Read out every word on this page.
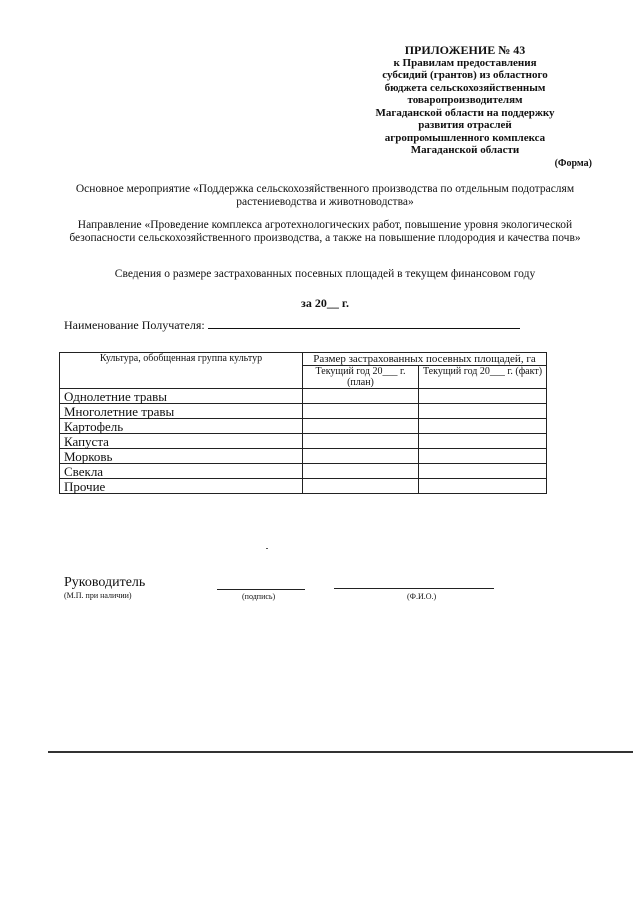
ПРИЛОЖЕНИЕ № 43
к Правилам предоставления
субсидий (грантов) из областного
бюджета сельскохозяйственным
товаропроизводителям
Магаданской области на поддержку
развития отраслей
агропромышленного комплекса
Магаданской области
(Форма)
Основное мероприятие «Поддержка сельскохозяйственного производства по отдельным подотраслям растениеводства и животноводства»
Направление «Проведение комплекса агротехнологических работ, повышение уровня экологической безопасности сельскохозяйственного производства, а также на повышение плодородия и качества почв»
Сведения о размере застрахованных посевных площадей в текущем финансовом году
за 20__ г.
Наименование Получателя:
Культура, обобщенная группа культур	Размер застрахованных посевных площадей, га	
	Текущий год 20___ г. (план)	Текущий год 20___ г. (факт)
Однолетние травы		
Многолетние травы		
Картофель		
Капуста		
Морковь		
Свекла		
Прочие		
Руководитель
(М.П. при наличии)	(подпись)	(Ф.И.О.)
